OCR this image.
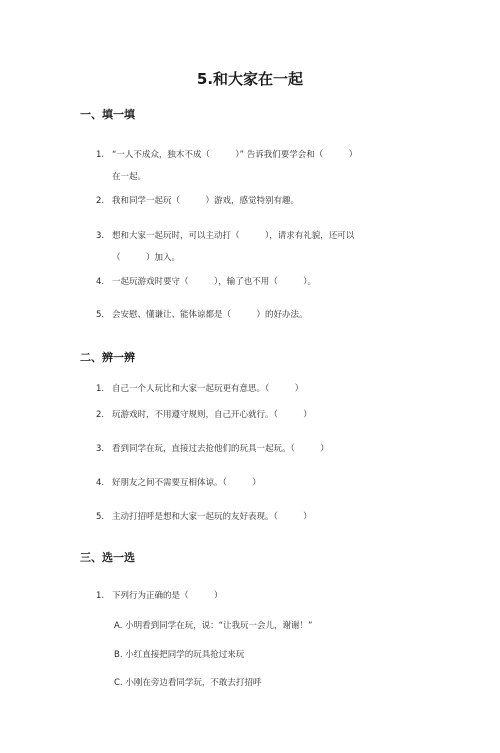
5.和大家在一起
一、填一填
1. “一人不成众，独木不成（　　　）” 告诉我们要学会和（　　　）
在一起。
2. 我和同学一起玩（　　　）游戏，感觉特别有趣。
3. 想和大家一起玩时，可以主动打（　　　），请求有礼貌，还可以
（　　　）加入。
4. 一起玩游戏时要守（　　　），输了也不用（　　　）。
5. 会安慰、懂谦让、能体谅都是（　　　）的好办法。
二、辨一辨
1. 自己一个人玩比和大家一起玩更有意思。（　　　）
2. 玩游戏时，不用遵守规则，自己开心就行。（　　　）
3. 看到同学在玩，直接过去抢他们的玩具一起玩。（　　　）
4. 好朋友之间不需要互相体谅。（　　　）
5. 主动打招呼是想和大家一起玩的友好表现。（　　　）
三、选一选
1. 下列行为正确的是（　　　）
A. 小明看到同学在玩，说：“让我玩一会儿，谢谢！”
B. 小红直接把同学的玩具抢过来玩
C. 小刚在旁边看同学玩，不敢去打招呼
